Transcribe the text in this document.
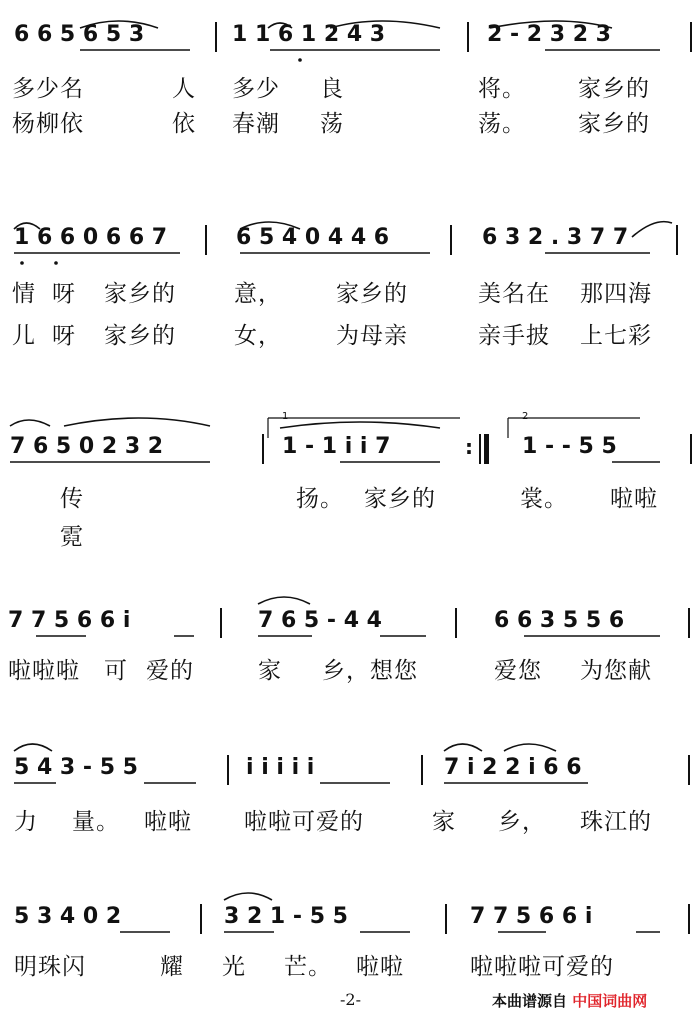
6 6 5 6 5 3	1 1 6 1 2 4 3	2 - 2 3 2 3
多少名	人 多少 良	将。 家乡的
杨柳依	依 春潮 荡	荡。 家乡的
1 6 6 0 6 6 7	6 5 4 0 4 4 6	6 3 2 . 3 7 7
情 呀 家乡的	意， 家乡的	美名在 那四海
儿 呀 家乡的	女， 为母亲	亲手披 上七彩
7 6 5 0 2 3 2	1 - 1 i i 7	: 1 - - 5 5
1	2
传	扬。 家乡的	裳。 啦啦
霓
7 7 5 6 6 i	7 6 5 - 4 4	6 6 3 5 5 6
啦啦啦 可 爱的	家 乡，想您	爱您 为您献
5 4 3 - 5 5	i i i i i	7 i 2 2 i 6 6
力 量。 啦啦 啦啦可爱的	家 乡， 珠江的
5 3 4 0 2	3 2 1 - 5 5	7 7 5 6 6 i
明珠闪	耀 光 芒。 啦啦	啦啦啦可爱的
-2-	本曲谱源自 中国词曲网
